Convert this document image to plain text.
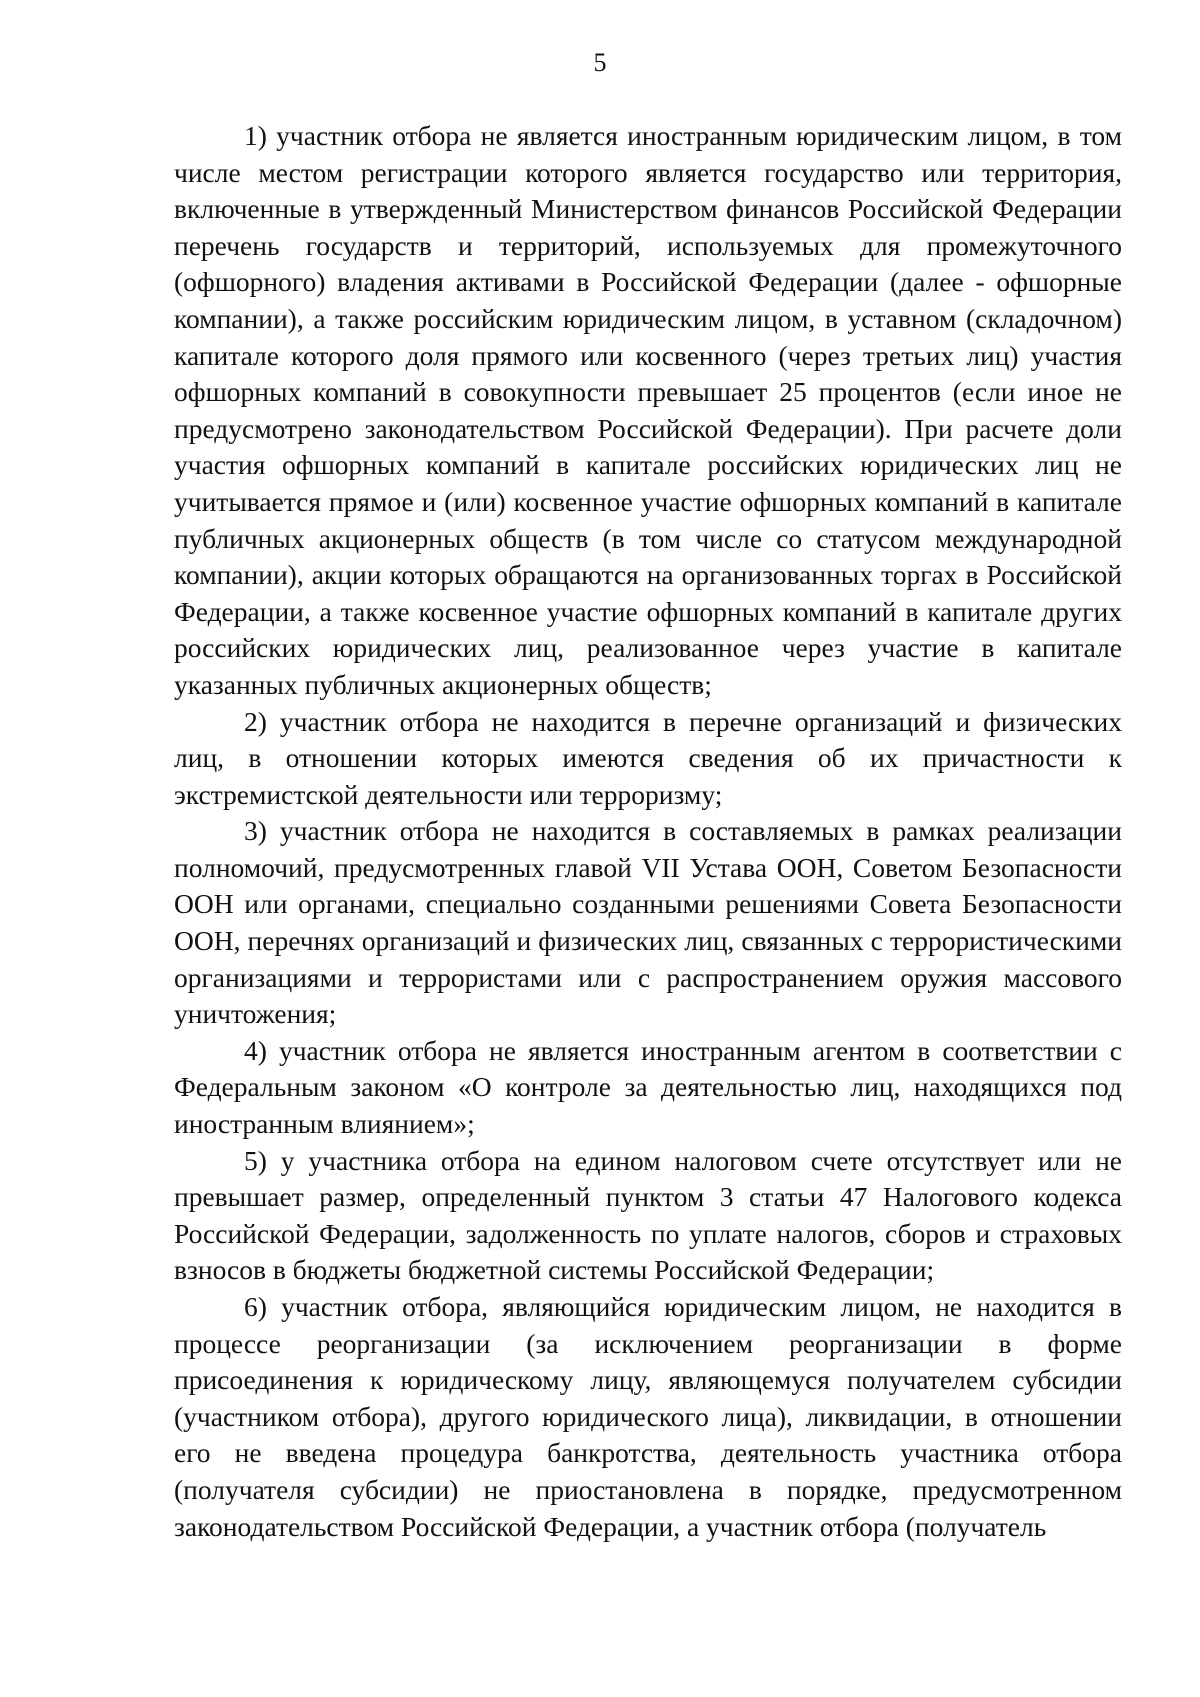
5

1) участник отбора не является иностранным юридическим лицом, в том числе местом регистрации которого является государство или территория, включенные в утвержденный Министерством финансов Российской Федерации перечень государств и территорий, используемых для промежуточного (офшорного) владения активами в Российской Федерации (далее - офшорные компании), а также российским юридическим лицом, в уставном (складочном) капитале которого доля прямого или косвенного (через третьих лиц) участия офшорных компаний в совокупности превышает 25 процентов (если иное не предусмотрено законодательством Российской Федерации). При расчете доли участия офшорных компаний в капитале российских юридических лиц не учитывается прямое и (или) косвенное участие офшорных компаний в капитале публичных акционерных обществ (в том числе со статусом международной компании), акции которых обращаются на организованных торгах в Российской Федерации, а также косвенное участие офшорных компаний в капитале других российских юридических лиц, реализованное через участие в капитале указанных публичных акционерных обществ;

2) участник отбора не находится в перечне организаций и физических лиц, в отношении которых имеются сведения об их причастности к экстремистской деятельности или терроризму;

3) участник отбора не находится в составляемых в рамках реализации полномочий, предусмотренных главой VII Устава ООН, Советом Безопасности ООН или органами, специально созданными решениями Совета Безопасности ООН, перечнях организаций и физических лиц, связанных с террористическими организациями и террористами или с распространением оружия массового уничтожения;

4) участник отбора не является иностранным агентом в соответствии с Федеральным законом «О контроле за деятельностью лиц, находящихся под иностранным влиянием»;

5) у участника отбора на едином налоговом счете отсутствует или не превышает размер, определенный пунктом 3 статьи 47 Налогового кодекса Российской Федерации, задолженность по уплате налогов, сборов и страховых взносов в бюджеты бюджетной системы Российской Федерации;

6) участник отбора, являющийся юридическим лицом, не находится в процессе реорганизации (за исключением реорганизации в форме присоединения к юридическому лицу, являющемуся получателем субсидии (участником отбора), другого юридического лица), ликвидации, в отношении его не введена процедура банкротства, деятельность участника отбора (получателя субсидии) не приостановлена в порядке, предусмотренном законодательством Российской Федерации, а участник отбора (получатель
